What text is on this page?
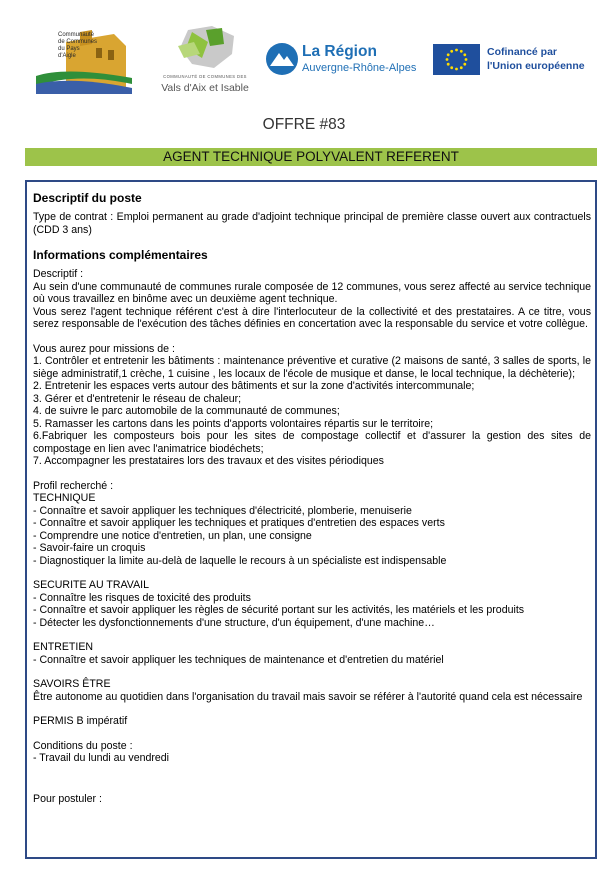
Communauté de Communes du Pays d'Aigle
COMMUNAUTÉ DE COMMUNES DES
Vals d'Aix et Isable
La Région
Auvergne-Rhône-Alpes
Cofinancé par
l'Union européenne
OFFRE #83
AGENT TECHNIQUE POLYVALENT REFERENT
Descriptif du poste

Type de contrat : Emploi permanent au grade d'adjoint technique principal de première classe ouvert aux contractuels (CDD 3 ans)

Informations complémentaires

Descriptif :

Au sein d'une communauté de communes rurale composée de 12 communes, vous serez affecté au service technique où vous travaillez en binôme avec un deuxième agent technique.

Vous serez l'agent technique référent c'est à dire l'interlocuteur de la collectivité et des prestataires. A ce titre, vous serez responsable de l'exécution des tâches définies en concertation avec la responsable du service et votre collègue.

Vous aurez pour missions de :

1. Contrôler et entretenir les bâtiments : maintenance préventive et curative (2 maisons de santé, 3 salles de sports, le siège administratif,1 crèche, 1 cuisine , les locaux de l'école de musique et danse, le local technique, la déchèterie);

2. Entretenir les espaces verts autour des bâtiments et sur la zone d'activités intercommunale;

3. Gérer et d'entretenir le réseau de chaleur;

4. de suivre le parc automobile de la communauté de communes;

5. Ramasser les cartons dans les points d'apports volontaires répartis sur le territoire;

6.Fabriquer les composteurs bois pour les sites de compostage collectif et d'assurer la gestion des sites de compostage en lien avec l'animatrice biodéchets;

7. Accompagner les prestataires lors des travaux et des visites périodiques

Profil recherché :

TECHNIQUE

- Connaître et savoir appliquer les techniques d'électricité, plomberie, menuiserie

- Connaître et savoir appliquer les techniques et pratiques d'entretien des espaces verts

- Comprendre une notice d'entretien, un plan, une consigne

- Savoir-faire un croquis

- Diagnostiquer la limite au-delà de laquelle le recours à un spécialiste est indispensable

SECURITE AU TRAVAIL

- Connaître les risques de toxicité des produits

- Connaître et savoir appliquer les règles de sécurité portant sur les activités, les matériels et les produits

- Détecter les dysfonctionnements d'une structure, d'un équipement, d'une machine…

ENTRETIEN

- Connaître et savoir appliquer les techniques de maintenance et d'entretien du matériel

SAVOIRS ÊTRE

Être autonome au quotidien dans l'organisation du travail mais savoir se référer à l'autorité quand cela est nécessaire

PERMIS B impératif

Conditions du poste :

- Travail du lundi au vendredi

Pour postuler :
